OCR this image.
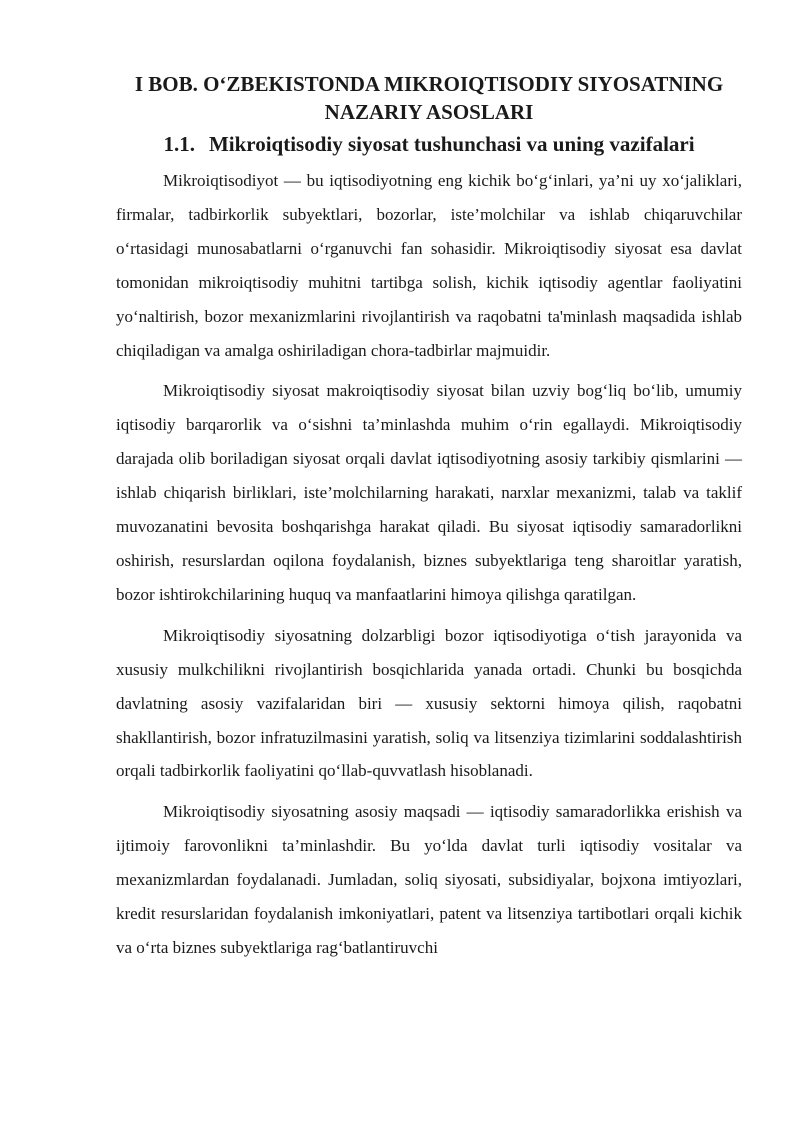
I BOB. O‘ZBEKISTONDA MIKROIQTISODIY SIYOSATNING NAZARIY ASOSLARI
1.1. Mikroiqtisodiy siyosat tushunchasi va uning vazifalari

Mikroiqtisodiyot — bu iqtisodiyotning eng kichik bo‘g‘inlari, ya’ni uy xo‘jaliklari, firmalar, tadbirkorlik subyektlari, bozorlar, iste’molchilar va ishlab chiqaruvchilar o‘rtasidagi munosabatlarni o‘rganuvchi fan sohasidir. Mikroiqtisodiy siyosat esa davlat tomonidan mikroiqtisodiy muhitni tartibga solish, kichik iqtisodiy agentlar faoliyatini yo‘naltirish, bozor mexanizmlarini rivojlantirish va raqobatni ta'minlash maqsadida ishlab chiqiladigan va amalga oshiriladigan chora-tadbirlar majmuidir.

Mikroiqtisodiy siyosat makroiqtisodiy siyosat bilan uzviy bog‘liq bo‘lib, umumiy iqtisodiy barqarorlik va o‘sishni ta’minlashda muhim o‘rin egallaydi. Mikroiqtisodiy darajada olib boriladigan siyosat orqali davlat iqtisodiyotning asosiy tarkibiy qismlarini — ishlab chiqarish birliklari, iste’molchilarning harakati, narxlar mexanizmi, talab va taklif muvozanatini bevosita boshqarishga harakat qiladi. Bu siyosat iqtisodiy samaradorlikni oshirish, resurslardan oqilona foydalanish, biznes subyektlariga teng sharoitlar yaratish, bozor ishtirokchilarining huquq va manfaatlarini himoya qilishga qaratilgan.

Mikroiqtisodiy siyosatning dolzarbligi bozor iqtisodiyotiga o‘tish jarayonida va xususiy mulkchilikni rivojlantirish bosqichlarida yanada ortadi. Chunki bu bosqichda davlatning asosiy vazifalaridan biri — xususiy sektorni himoya qilish, raqobatni shakllantirish, bozor infratuzilmasini yaratish, soliq va litsenziya tizimlarini soddalashtirish orqali tadbirkorlik faoliyatini qo‘llab-quvvatlash hisoblanadi.

Mikroiqtisodiy siyosatning asosiy maqsadi — iqtisodiy samaradorlikka erishish va ijtimoiy farovonlikni ta’minlashdir. Bu yo‘lda davlat turli iqtisodiy vositalar va mexanizmlardan foydalanadi. Jumladan, soliq siyosati, subsidiyalar, bojxona imtiyozlari, kredit resurslaridan foydalanish imkoniyatlari, patent va litsenziya tartibotlari orqali kichik va o‘rta biznes subyektlariga rag‘batlantiruvchi
